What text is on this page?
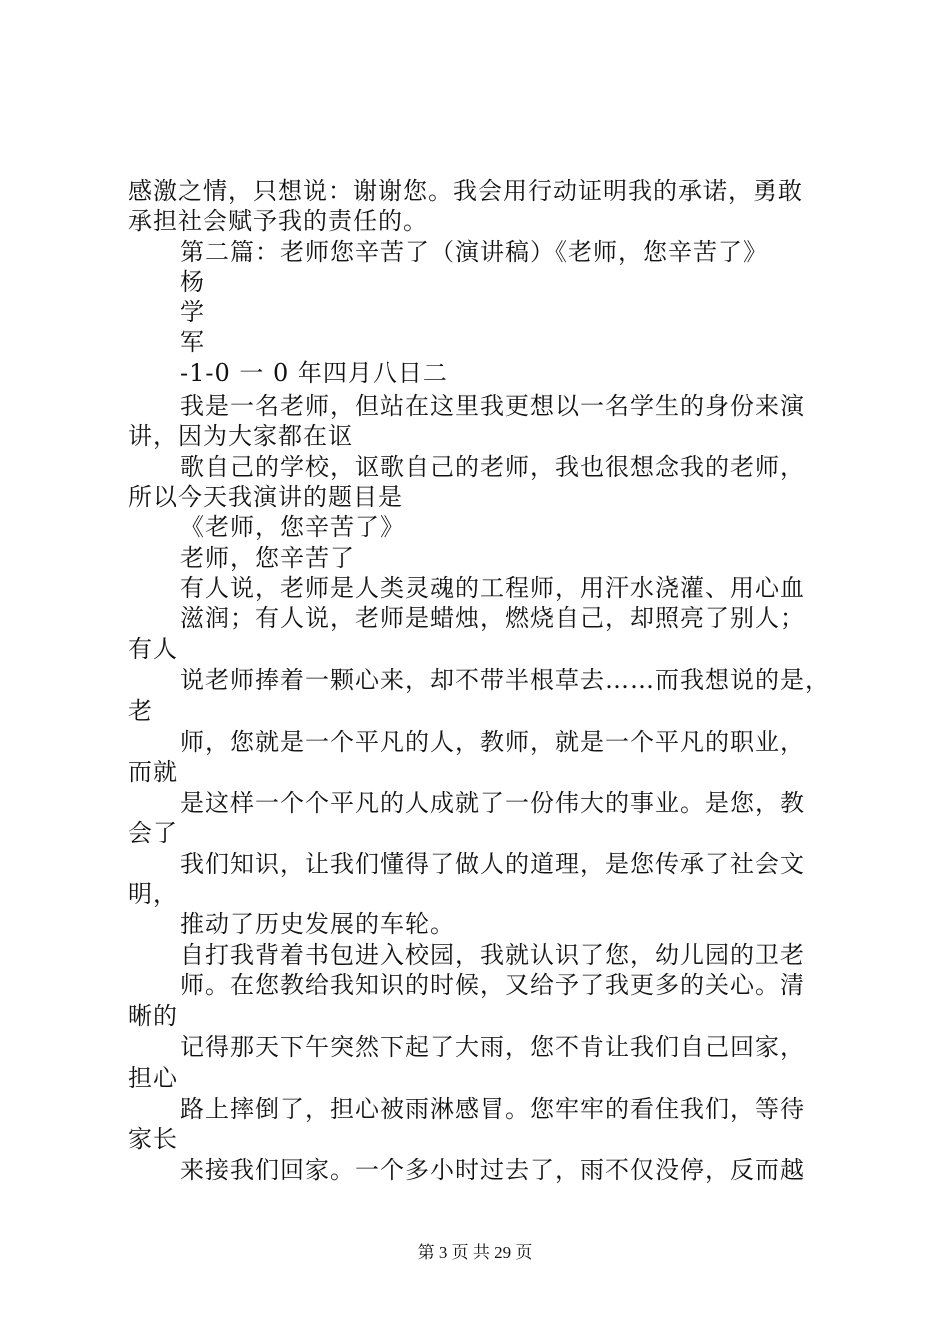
感激之情，只想说：谢谢您。我会用行动证明我的承诺，勇敢
承担社会赋予我的责任的。
第二篇：老师您辛苦了（演讲稿）《老师，您辛苦了》
杨
学
军
-1-0 一 0 年四月八日二
我是一名老师，但站在这里我更想以一名学生的身份来演
讲，因为大家都在讴
歌自己的学校，讴歌自己的老师，我也很想念我的老师，
所以今天我演讲的题目是
《老师，您辛苦了》
老师，您辛苦了
有人说，老师是人类灵魂的工程师，用汗水浇灌、用心血
滋润；有人说，老师是蜡烛，燃烧自己，却照亮了别人；
有人
说老师捧着一颗心来，却不带半根草去……而我想说的是，
老
师，您就是一个平凡的人，教师，就是一个平凡的职业，
而就
是这样一个个平凡的人成就了一份伟大的事业。是您，教
会了
我们知识，让我们懂得了做人的道理，是您传承了社会文
明，
推动了历史发展的车轮。
自打我背着书包进入校园，我就认识了您，幼儿园的卫老
师。在您教给我知识的时候，又给予了我更多的关心。清
晰的
记得那天下午突然下起了大雨，您不肯让我们自己回家，
担心
路上摔倒了，担心被雨淋感冒。您牢牢的看住我们，等待
家长
来接我们回家。一个多小时过去了，雨不仅没停，反而越
第 3 页 共 29 页
